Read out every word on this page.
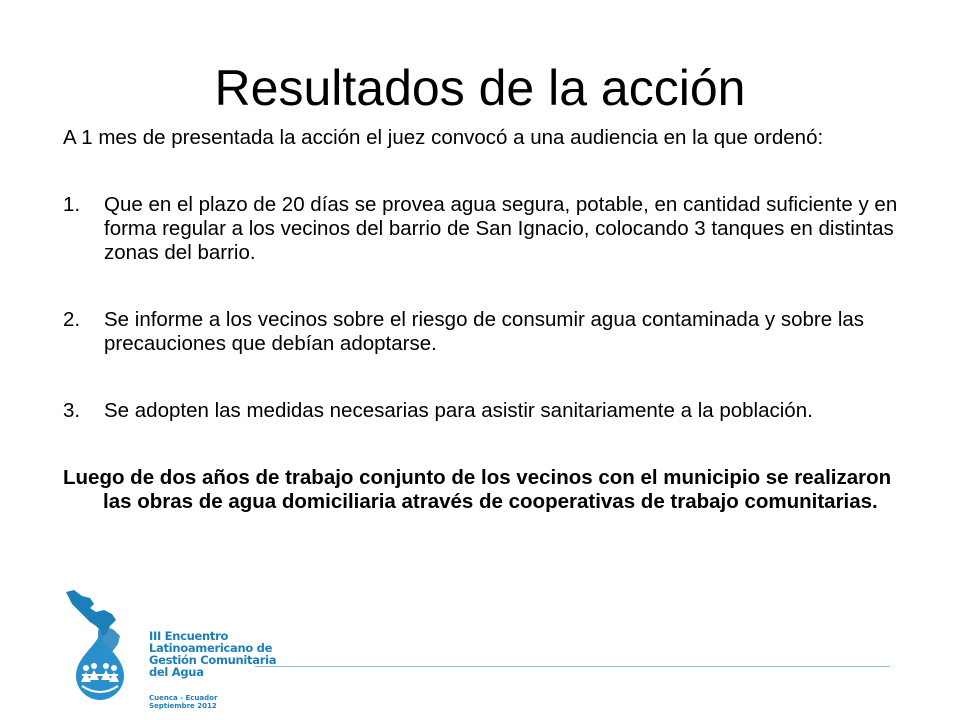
Resultados de la acción

A 1 mes de presentada la acción el juez convocó a una audiencia en la que ordenó:

1. Que en el plazo de 20 días se provea agua segura, potable, en cantidad suficiente y en forma regular a los vecinos del barrio de San Ignacio, colocando 3 tanques en distintas zonas del barrio.
2. Se informe a los vecinos sobre el riesgo de consumir agua contaminada y sobre las precauciones que debían adoptarse.
3. Se adopten las medidas necesarias para asistir sanitariamente a la población.

Luego de dos años de trabajo conjunto de los vecinos con el municipio se realizaron las obras de agua domiciliaria através de cooperativas de trabajo comunitarias.

III Encuentro
Latinoamericano de
Gestión Comunitaria
del Agua
Cuenca - Ecuador
Septiembre 2012
